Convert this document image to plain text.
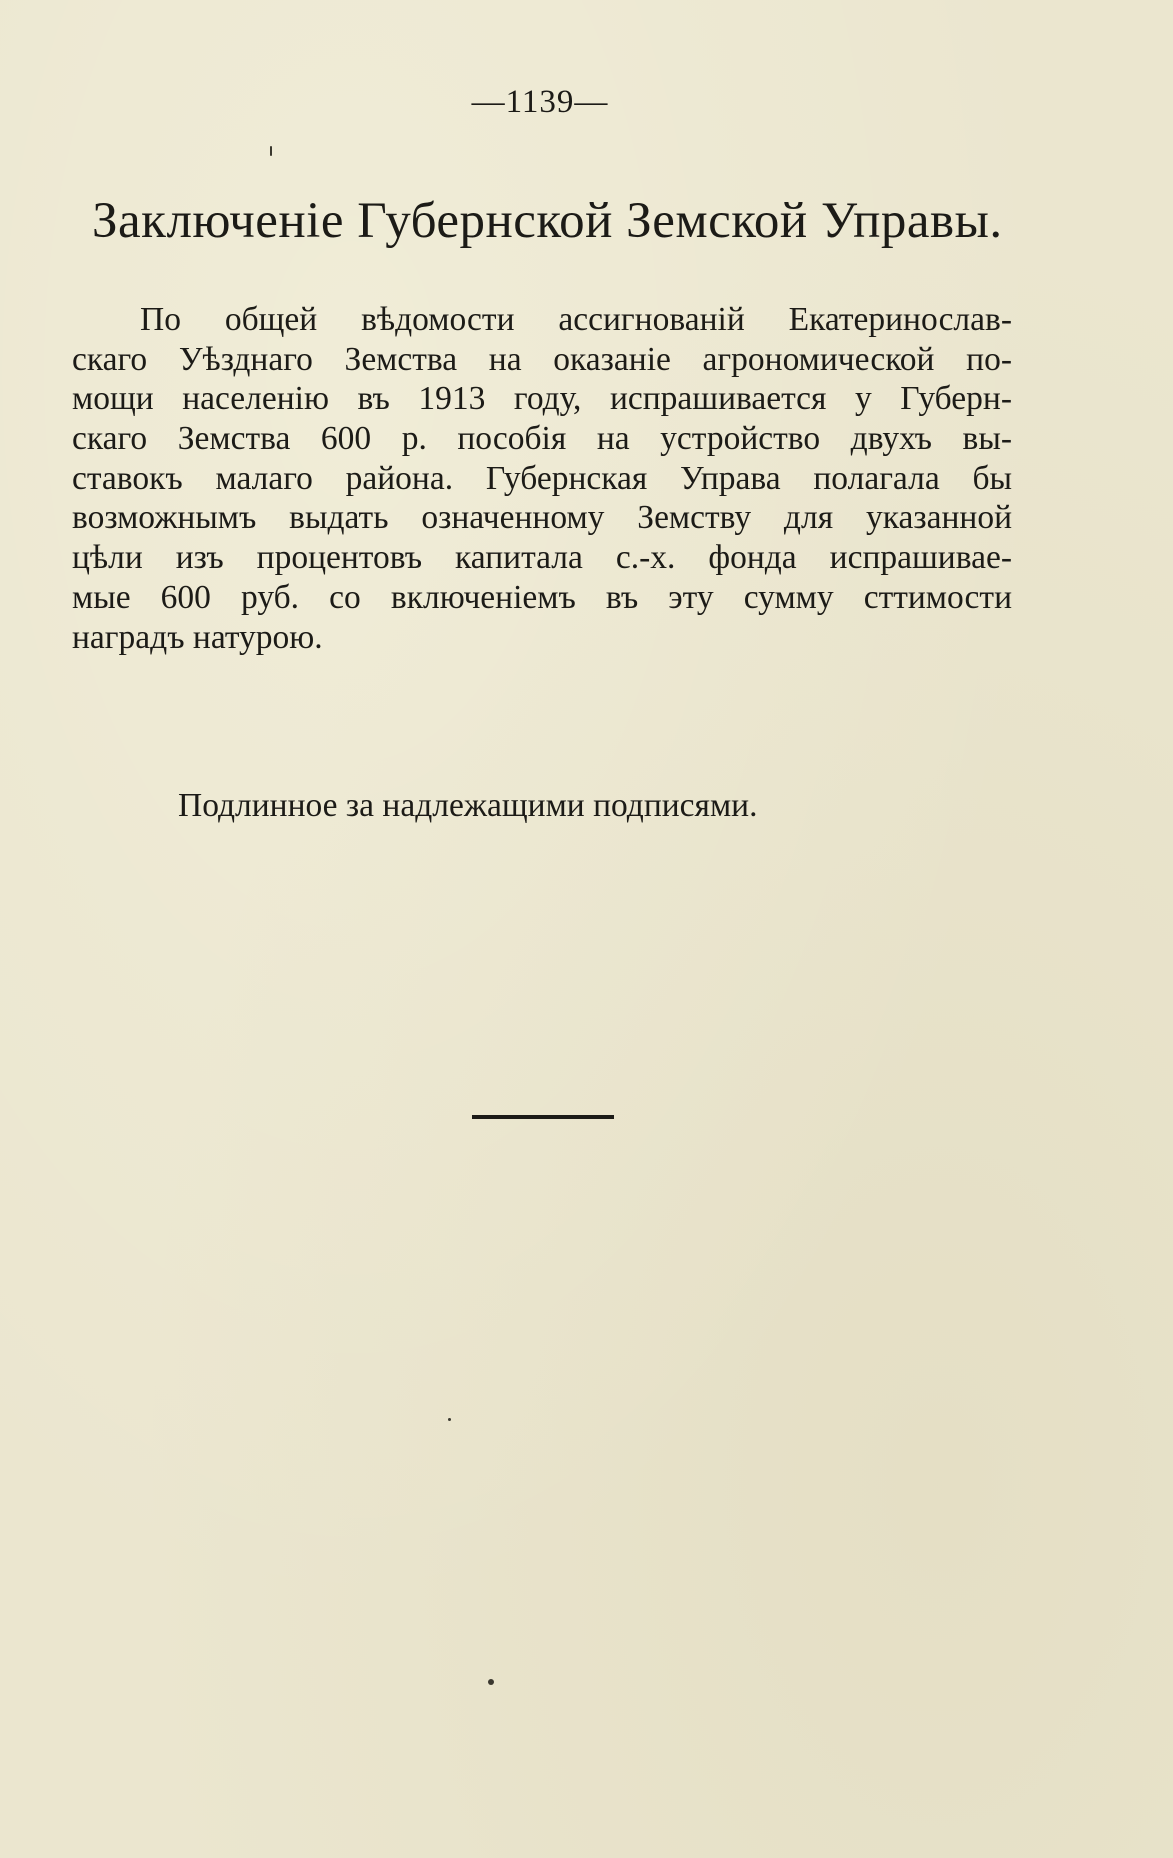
—1139—
Заключеніе Губернской Земской Управы.
По общей вѣдомости ассигнованій Екатеринослав-
скаго Уѣзднаго Земства на оказаніе агрономической по-
мощи населенію въ 1913 году, испрашивается у Губерн-
скаго Земства 600 р. пособія на устройство двухъ вы-
ставокъ малаго района. Губернская Управа полагала бы
возможнымъ выдать означенному Земству для указанной
цѣли изъ процентовъ капитала с.-х. фонда испрашивае-
мые 600 руб. со включеніемъ въ эту сумму сттимости
наградъ натурою.
Подлинное за надлежащими подписями.
